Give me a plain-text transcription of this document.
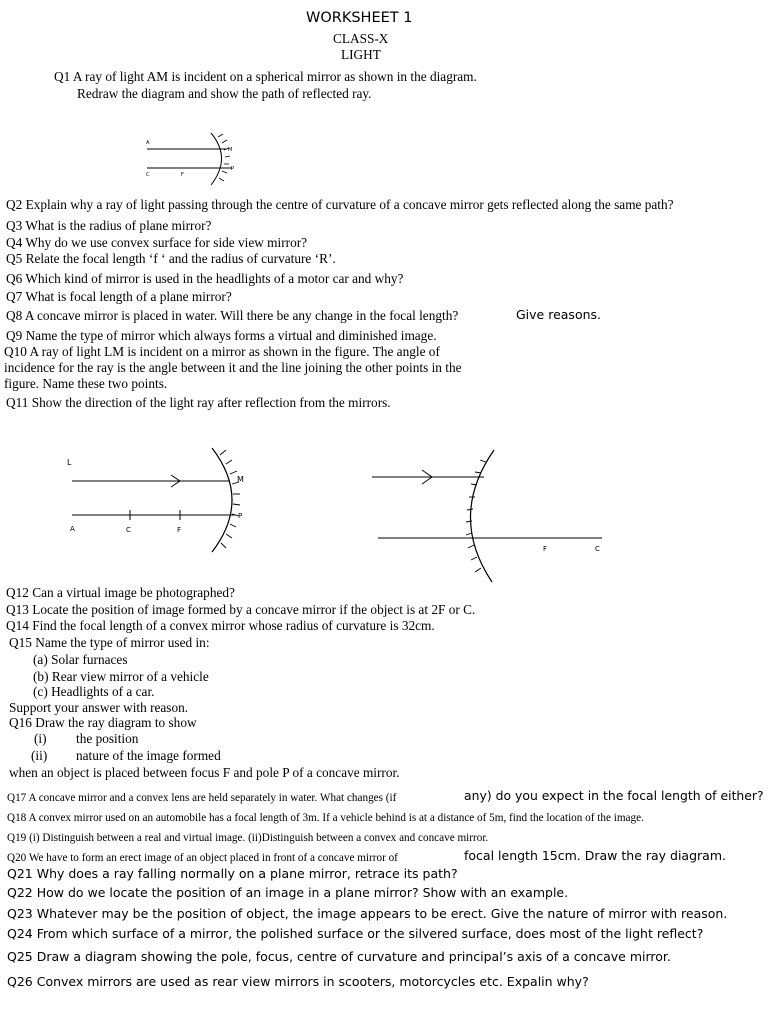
WORKSHEET 1
CLASS-X
LIGHT
Q1 A ray of light AM is incident on a spherical mirror as shown in the diagram.
Redraw the diagram and show the path of reflected ray.
A
M
C	F
P
Q2 Explain why a ray of light passing through the centre of curvature of a concave mirror gets reflected along the same path?
Q3 What is the radius of plane mirror?
Q4 Why do we use convex surface for side view mirror?
Q5 Relate the focal length ‘f ‘ and the radius of curvature ‘R’.
Q6 Which kind of mirror is used in the headlights of a motor car and why?
Q7 What is focal length of a plane mirror?
Q8 A concave mirror is placed in water. Will there be any change in the focal length?	Give reasons.
Q9 Name the type of mirror which always forms a virtual and diminished image.
Q10 A ray of light LM is incident on a mirror as shown in the figure. The angle of
incidence for the ray is the angle between it and the line joining the other points in the
figure. Name these two points.
Q11 Show the direction of the light ray after reflection from the mirrors.
L
M
P
A	C	F
F	C
Q12 Can a virtual image be photographed?
Q13 Locate the position of image formed by a concave mirror if the object is at 2F or C.
Q14 Find the focal length of a convex mirror whose radius of curvature is 32cm.
Q15 Name the type of mirror used in:
(a) Solar furnaces
(b) Rear view mirror of a vehicle
(c) Headlights of a car.
Support your answer with reason.
Q16 Draw the ray diagram to show
(i) the position
(ii) nature of the image formed
when an object is placed between focus F and pole P of a concave mirror.
Q17 A concave mirror and a convex lens are held separately in water. What changes (if	any) do you expect in the focal length of either?
Q18 A convex mirror used on an automobile has a focal length of 3m. If a vehicle behind is at a distance of 5m, find the location of the image.
Q19 (i) Distinguish between a real and virtual image. (ii)Distinguish between a convex and concave mirror.
Q20 We have to form an erect image of an object placed in front of a concave mirror of	focal length 15cm. Draw the ray diagram.
Q21 Why does a ray falling normally on a plane mirror, retrace its path?
Q22 How do we locate the position of an image in a plane mirror? Show with an example.
Q23 Whatever may be the position of object, the image appears to be erect. Give the nature of mirror with reason.
Q24 From which surface of a mirror, the polished surface or the silvered surface, does most of the light reflect?
Q25 Draw a diagram showing the pole, focus, centre of curvature and principal’s axis of a concave mirror.
Q26 Convex mirrors are used as rear view mirrors in scooters, motorcycles etc. Expalin why?
